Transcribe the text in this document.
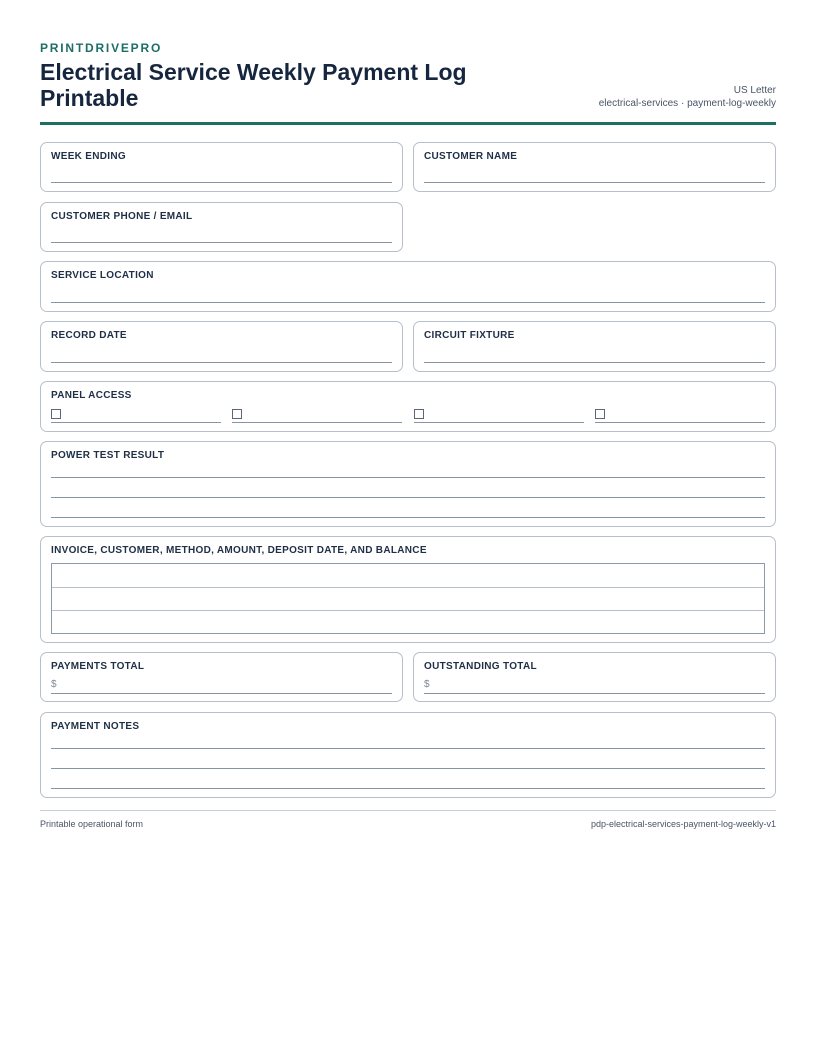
PRINTDRIVEPRO
Electrical Service Weekly Payment Log Printable	US Letter
electrical-services · payment-log-weekly
WEEK ENDING	CUSTOMER NAME
CUSTOMER PHONE / EMAIL
SERVICE LOCATION
RECORD DATE	CIRCUIT FIXTURE
PANEL ACCESS
POWER TEST RESULT
INVOICE, CUSTOMER, METHOD, AMOUNT, DEPOSIT DATE, AND BALANCE
PAYMENTS TOTAL
$
OUTSTANDING TOTAL
$
PAYMENT NOTES
Printable operational form	pdp-electrical-services-payment-log-weekly-v1
